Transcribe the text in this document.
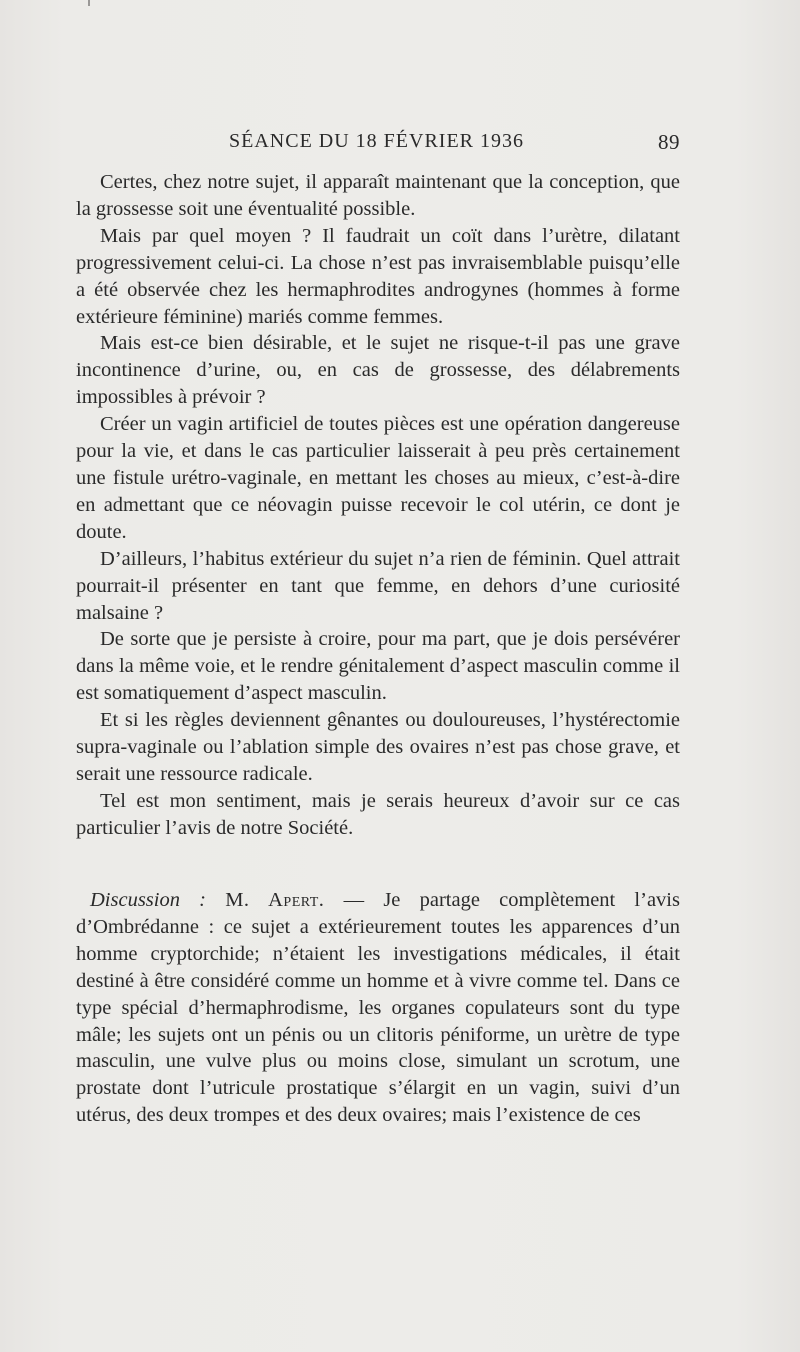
SÉANCE DU 18 FÉVRIER 1936	89

Certes, chez notre sujet, il apparaît maintenant que la conception, que la grossesse soit une éventualité possible.

Mais par quel moyen ? Il faudrait un coït dans l’urètre, dilatant progressivement celui-ci. La chose n’est pas invraisemblable puisqu’elle a été observée chez les hermaphrodites androgynes (hommes à forme extérieure féminine) mariés comme femmes.

Mais est-ce bien désirable, et le sujet ne risque-t-il pas une grave incontinence d’urine, ou, en cas de grossesse, des délabrements impossibles à prévoir ?

Créer un vagin artificiel de toutes pièces est une opération dangereuse pour la vie, et dans le cas particulier laisserait à peu près certainement une fistule urétro-vaginale, en mettant les choses au mieux, c’est-à-dire en admettant que ce néovagin puisse recevoir le col utérin, ce dont je doute.

D’ailleurs, l’habitus extérieur du sujet n’a rien de féminin. Quel attrait pourrait-il présenter en tant que femme, en dehors d’une curiosité malsaine ?

De sorte que je persiste à croire, pour ma part, que je dois persévérer dans la même voie, et le rendre génitalement d’aspect masculin comme il est somatiquement d’aspect masculin.

Et si les règles deviennent gênantes ou douloureuses, l’hystérectomie supra-vaginale ou l’ablation simple des ovaires n’est pas chose grave, et serait une ressource radicale.

Tel est mon sentiment, mais je serais heureux d’avoir sur ce cas particulier l’avis de notre Société.

Discussion : M. Apert. — Je partage complètement l’avis d’Ombrédanne : ce sujet a extérieurement toutes les apparences d’un homme cryptorchide; n’étaient les investigations médicales, il était destiné à être considéré comme un homme et à vivre comme tel. Dans ce type spécial d’hermaphrodisme, les organes copulateurs sont du type mâle; les sujets ont un pénis ou un clitoris péniforme, un urètre de type masculin, une vulve plus ou moins close, simulant un scrotum, une prostate dont l’utricule prostatique s’élargit en un vagin, suivi d’un utérus, des deux trompes et des deux ovaires; mais l’existence de ces
